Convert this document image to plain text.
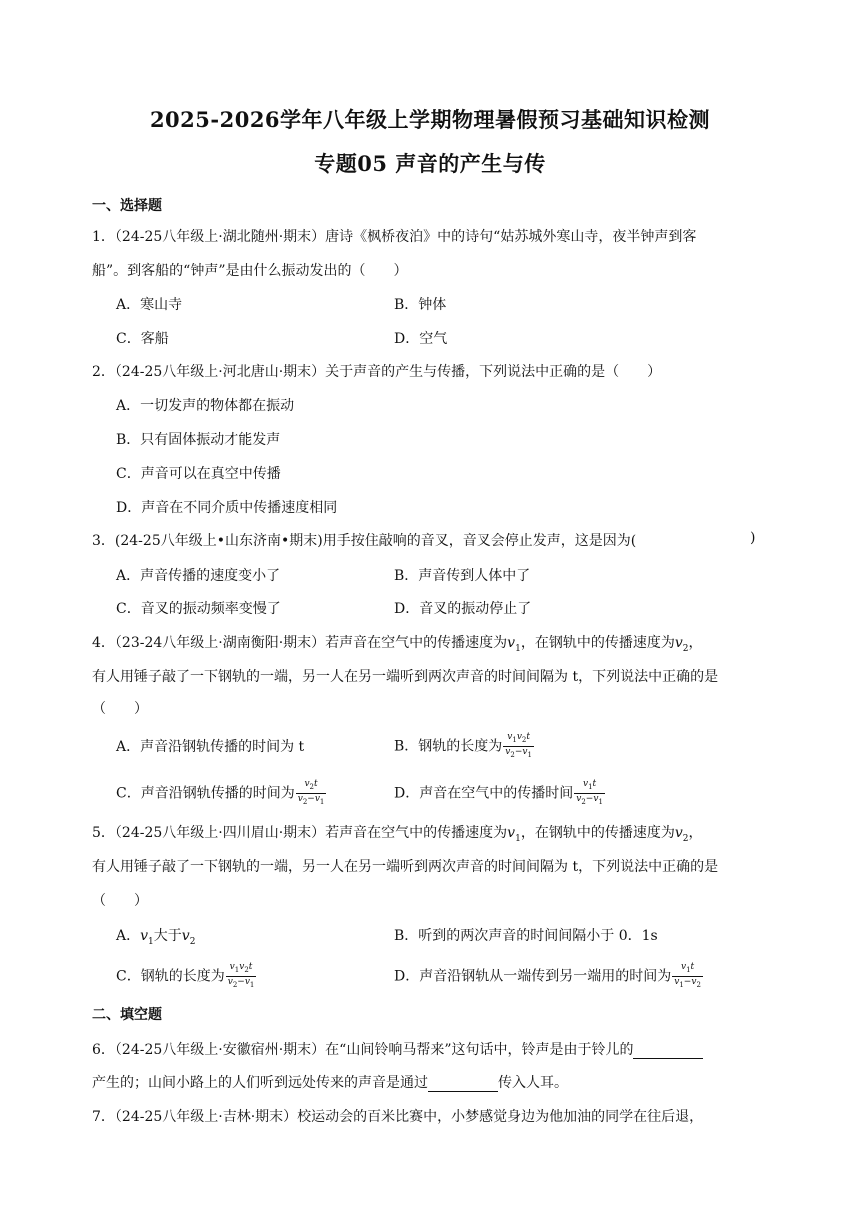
2025-2026学年八年级上学期物理暑假预习基础知识检测
专题05 声音的产生与传
一、选择题
1．（24-25八年级上·湖北随州·期末）唐诗《枫桥夜泊》中的诗句“姑苏城外寒山寺，夜半钟声到客
船”。到客船的“钟声”是由什么振动发出的（　　）
A．寒山寺	B．钟体
C．客船	D．空气
2．（24-25八年级上·河北唐山·期末）关于声音的产生与传播，下列说法中正确的是（　　）
A．一切发声的物体都在振动
B．只有固体振动才能发声
C．声音可以在真空中传播
D．声音在不同介质中传播速度相同
3．(24-25八年级上•山东济南•期末)用手按住敲响的音叉，音叉会停止发声，这是因为(	)
A．声音传播的速度变小了	B．声音传到人体中了
C．音叉的振动频率变慢了	D．音叉的振动停止了
4．（23-24八年级上·湖南衡阳·期末）若声音在空气中的传播速度为$v_1$，在钢轨中的传播速度为$v_2$，
有人用锤子敲了一下钢轨的一端，另一人在另一端听到两次声音的时间间隔为 t，下列说法中正确的是
（　　）
A．声音沿钢轨传播的时间为 t	B．钢轨的长度为 $\frac{v_1v_2t}{v_2-v_1}$
C．声音沿钢轨传播的时间为 $\frac{v_2t}{v_2-v_1}$	D．声音在空气中的传播时间 $\frac{v_1t}{v_2-v_1}$
5．（24-25八年级上·四川眉山·期末）若声音在空气中的传播速度为$v_1$，在钢轨中的传播速度为$v_2$，
有人用锤子敲了一下钢轨的一端，另一人在另一端听到两次声音的时间间隔为 t，下列说法中正确的是
（　　）
A．$v_1$大于$v_2$	B．听到的两次声音的时间间隔小于 0．1s
C．钢轨的长度为 $\frac{v_1v_2t}{v_2-v_1}$	D．声音沿钢轨从一端传到另一端用的时间为 $\frac{v_1t}{v_1-v_2}$
二、填空题
6．（24-25八年级上·安徽宿州·期末）在“山间铃响马帮来”这句话中，铃声是由于铃儿的
产生的；山间小路上的人们听到远处传来的声音是通过	传入人耳。
7．（24-25八年级上·吉林·期末）校运动会的百米比赛中，小梦感觉身边为他加油的同学在往后退，
